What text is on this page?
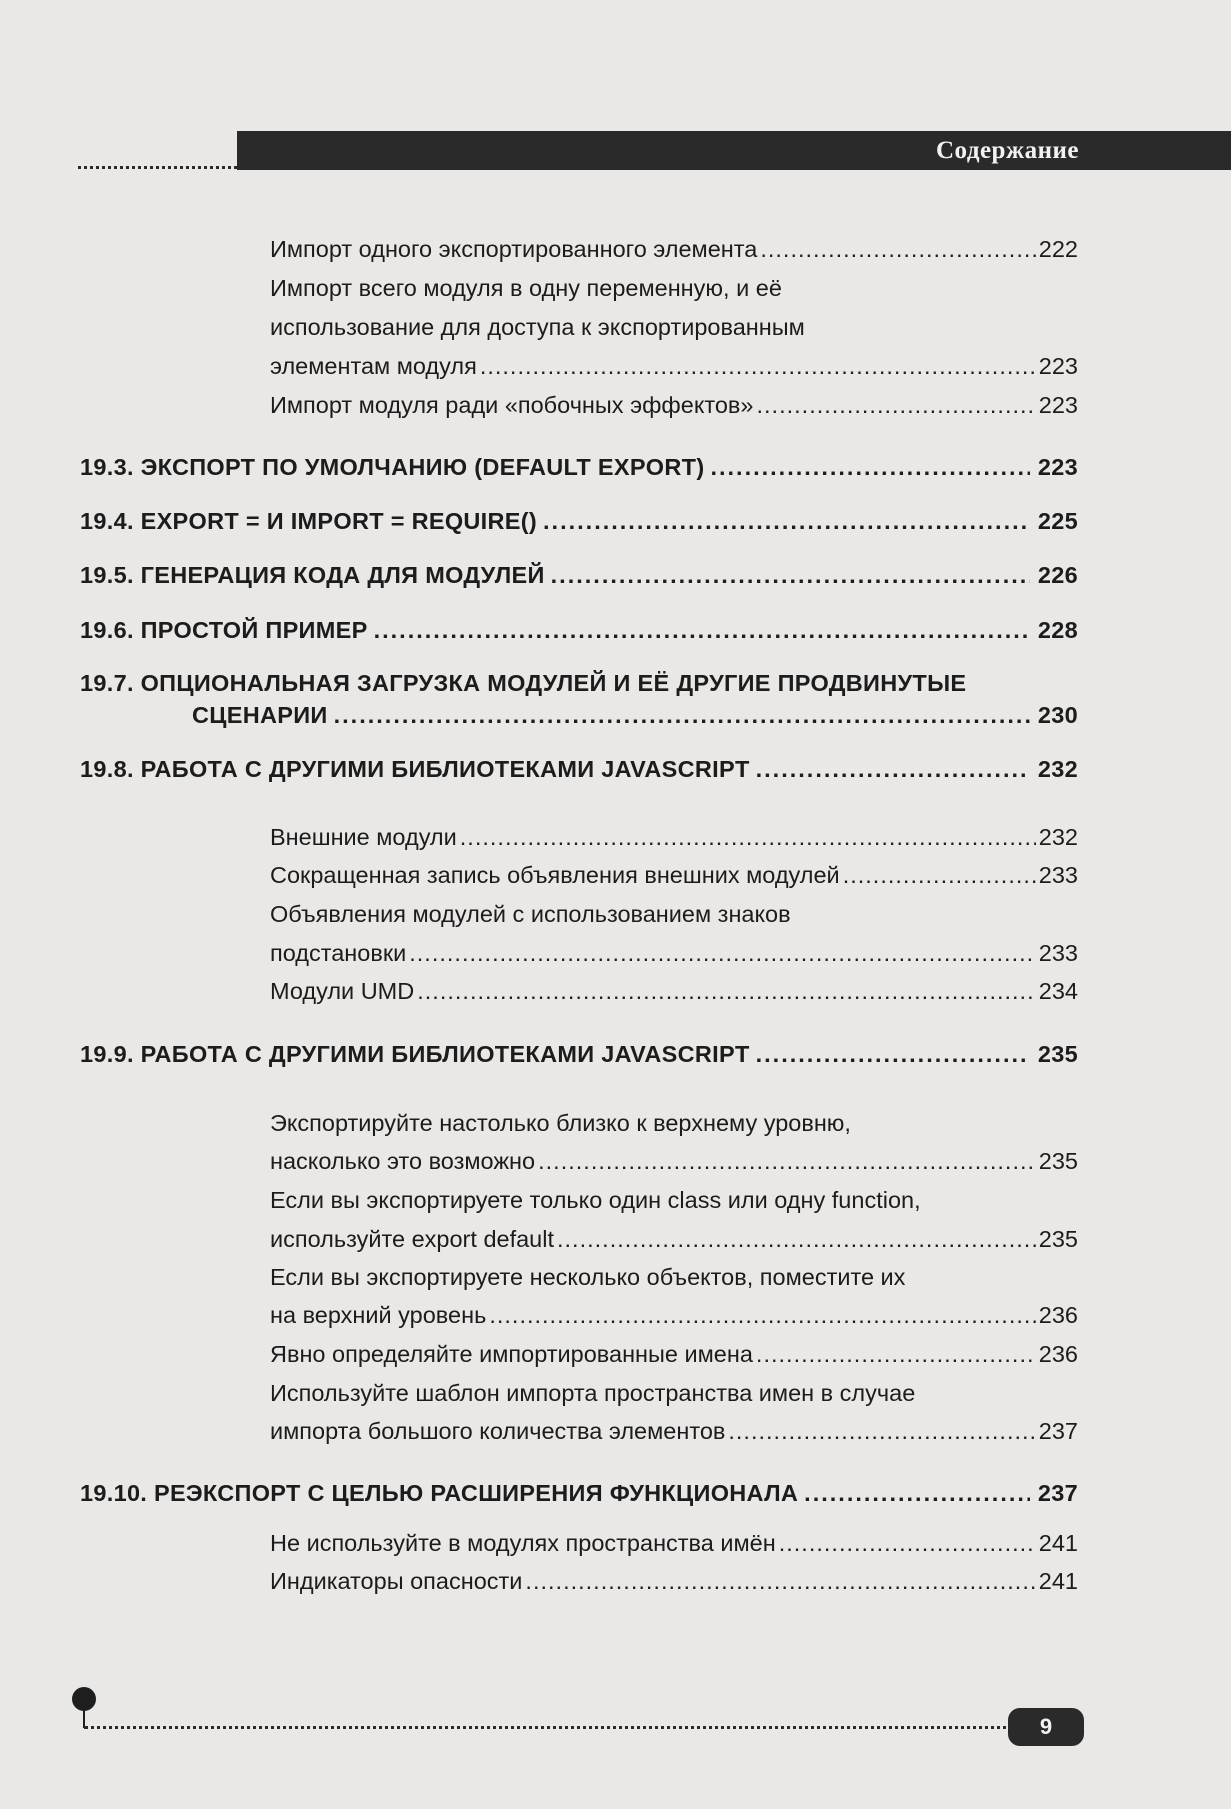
Содержание
Импорт одного экспортированного элемента .....	222
Импорт всего модуля в одну переменную, и её
использование для доступа к экспортированным
элементам модуля .....	223
Импорт модуля ради «побочных эффектов» .....	223
19.3. ЭКСПОРТ ПО УМОЛЧАНИЮ (DEFAULT EXPORT) .....	223
19.4. EXPORT = И IMPORT = REQUIRE() .....	225
19.5. ГЕНЕРАЦИЯ КОДА ДЛЯ МОДУЛЕЙ .....	226
19.6. ПРОСТОЙ ПРИМЕР .....	228
19.7. ОПЦИОНАЛЬНАЯ ЗАГРУЗКА МОДУЛЕЙ И ЕЁ ДРУГИЕ ПРОДВИНУТЫЕ
СЦЕНАРИИ .....	230
19.8. РАБОТА С ДРУГИМИ БИБЛИОТЕКАМИ JAVASCRIPT .....	232
Внешние модули .....	232
Сокращенная запись объявления внешних модулей .....	233
Объявления модулей с использованием знаков
подстановки .....	233
Модули UMD .....	234
19.9. РАБОТА С ДРУГИМИ БИБЛИОТЕКАМИ JAVASCRIPT .....	235
Экспортируйте настолько близко к верхнему уровню,
насколько это возможно .....	235
Если вы экспортируете только один class или одну function,
используйте export default .....	235
Если вы экспортируете несколько объектов, поместите их
на верхний уровень .....	236
Явно определяйте импортированные имена .....	236
Используйте шаблон импорта пространства имен в случае
импорта большого количества элементов .....	237
19.10. РЕЭКСПОРТ С ЦЕЛЬЮ РАСШИРЕНИЯ ФУНКЦИОНАЛА .....	237
Не используйте в модулях пространства имён .....	241
Индикаторы опасности .....	241
9
